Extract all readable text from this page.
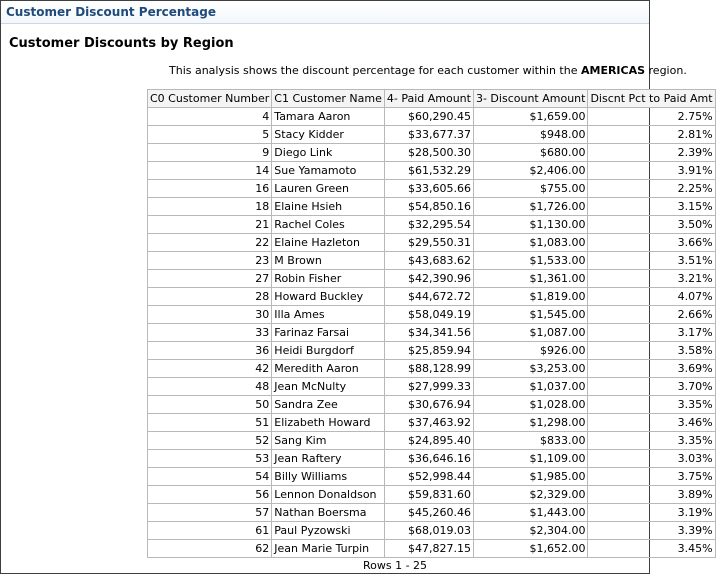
Customer Discount Percentage
Customer Discounts by Region
This analysis shows the discount percentage for each customer within the AMERICAS region.
C0 Customer Number	C1 Customer Name	4- Paid Amount	3- Discount Amount	Discnt Pct to Paid Amt
4	Tamara Aaron	$60,290.45	$1,659.00	2.75%
5	Stacy Kidder	$33,677.37	$948.00	2.81%
9	Diego Link	$28,500.30	$680.00	2.39%
14	Sue Yamamoto	$61,532.29	$2,406.00	3.91%
16	Lauren Green	$33,605.66	$755.00	2.25%
18	Elaine Hsieh	$54,850.16	$1,726.00	3.15%
21	Rachel Coles	$32,295.54	$1,130.00	3.50%
22	Elaine Hazleton	$29,550.31	$1,083.00	3.66%
23	M Brown	$43,683.62	$1,533.00	3.51%
27	Robin Fisher	$42,390.96	$1,361.00	3.21%
28	Howard Buckley	$44,672.72	$1,819.00	4.07%
30	Illa Ames	$58,049.19	$1,545.00	2.66%
33	Farinaz Farsai	$34,341.56	$1,087.00	3.17%
36	Heidi Burgdorf	$25,859.94	$926.00	3.58%
42	Meredith Aaron	$88,128.99	$3,253.00	3.69%
48	Jean McNulty	$27,999.33	$1,037.00	3.70%
50	Sandra Zee	$30,676.94	$1,028.00	3.35%
51	Elizabeth Howard	$37,463.92	$1,298.00	3.46%
52	Sang Kim	$24,895.40	$833.00	3.35%
53	Jean Raftery	$36,646.16	$1,109.00	3.03%
54	Billy Williams	$52,998.44	$1,985.00	3.75%
56	Lennon Donaldson	$59,831.60	$2,329.00	3.89%
57	Nathan Boersma	$45,260.46	$1,443.00	3.19%
61	Paul Pyzowski	$68,019.03	$2,304.00	3.39%
62	Jean Marie Turpin	$47,827.15	$1,652.00	3.45%
Rows 1 - 25
